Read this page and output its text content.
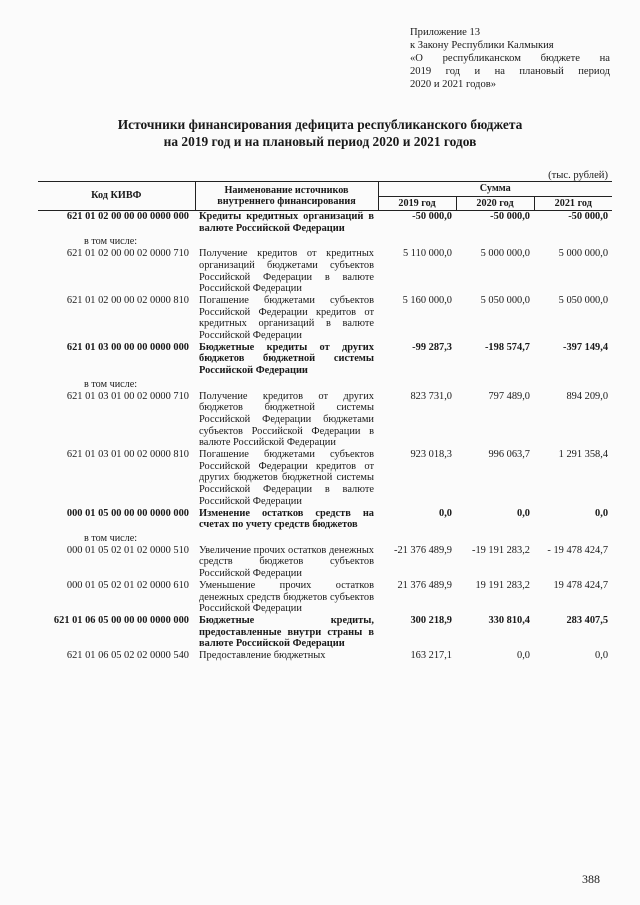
Приложение 13
к Закону Республики Калмыкия
«О республиканском бюджете на
2019 год и на плановый период
2020 и 2021 годов»
Источники финансирования дефицита республиканского бюджета
на 2019 год и на плановый период 2020 и 2021 годов
(тыс. рублей)
Код КИВФ	Наименование источников внутреннего финансирования	Сумма		
		2019 год	2020 год	2021 год
621 01 02 00 00 00 0000 000	Кредиты кредитных организаций в валюте Российской Федерации	-50 000,0	-50 000,0	-50 000,0
в том числе:				
621 01 02 00 00 02 0000 710	Получение кредитов от кредитных организаций бюджетами субъектов Российской Федерации в валюте Российской Федерации	5 110 000,0	5 000 000,0	5 000 000,0
621 01 02 00 00 02 0000 810	Погашение бюджетами субъектов Российской Федерации кредитов от кредитных организаций в валюте Российской Федерации	5 160 000,0	5 050 000,0	5 050 000,0
621 01 03 00 00 00 0000 000	Бюджетные кредиты от других бюджетов бюджетной системы Российской Федерации	-99 287,3	-198 574,7	-397 149,4
в том числе:				
621 01 03 01 00 02 0000 710	Получение кредитов от других бюджетов бюджетной системы Российской Федерации бюджетами субъектов Российской Федерации в валюте Российской Федерации	823 731,0	797 489,0	894 209,0
621 01 03 01 00 02 0000 810	Погашение бюджетами субъектов Российской Федерации кредитов от других бюджетов бюджетной системы Российской Федерации в валюте Российской Федерации	923 018,3	996 063,7	1 291 358,4
000 01 05 00 00 00 0000 000	Изменение остатков средств на счетах по учету средств бюджетов	0,0	0,0	0,0
в том числе:				
000 01 05 02 01 02 0000 510	Увеличение прочих остатков денежных средств бюджетов субъектов Российской Федерации	-21 376 489,9	-19 191 283,2	- 19 478 424,7
000 01 05 02 01 02 0000 610	Уменьшение прочих остатков денежных средств бюджетов субъектов Российской Федерации	21 376 489,9	19 191 283,2	19 478 424,7
621 01 06 05 00 00 00 0000 000	Бюджетные кредиты, предоставленные внутри страны в валюте Российской Федерации	300 218,9	330 810,4	283 407,5
621 01 06 05 02 02 0000 540	Предоставление бюджетных	163 217,1	0,0	0,0
388
